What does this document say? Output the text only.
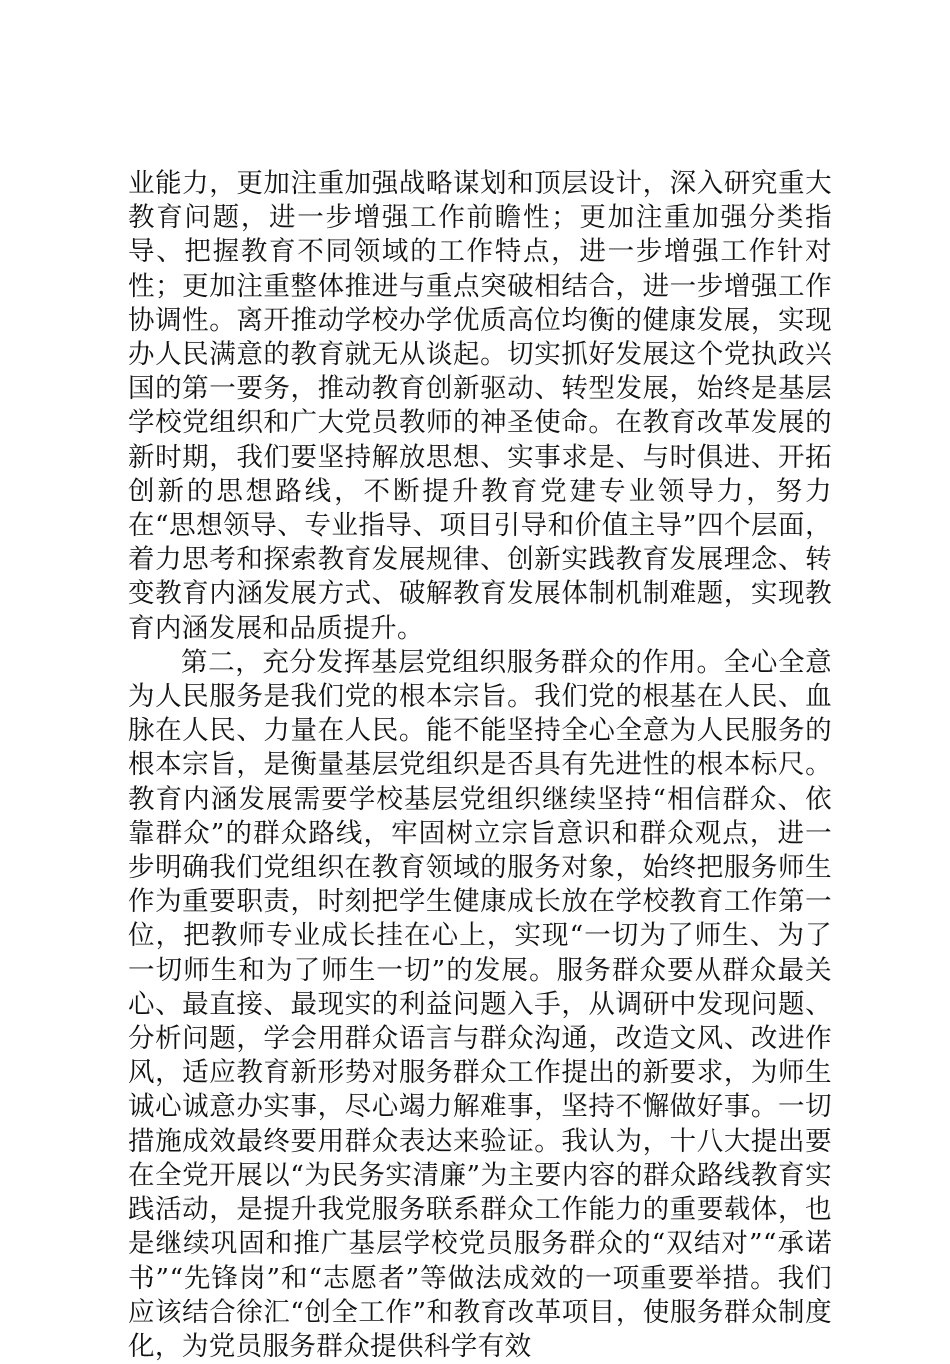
业能力，更加注重加强战略谋划和顶层设计，深入研究重大教育问题，进一步增强工作前瞻性；更加注重加强分类指导、把握教育不同领域的工作特点，进一步增强工作针对性；更加注重整体推进与重点突破相结合，进一步增强工作协调性。离开推动学校办学优质高位均衡的健康发展，实现办人民满意的教育就无从谈起。切实抓好发展这个党执政兴国的第一要务，推动教育创新驱动、转型发展，始终是基层学校党组织和广大党员教师的神圣使命。在教育改革发展的新时期，我们要坚持解放思想、实事求是、与时俱进、开拓创新的思想路线，不断提升教育党建专业领导力，努力在“思想领导、专业指导、项目引导和价值主导”四个层面，着力思考和探索教育发展规律、创新实践教育发展理念、转变教育内涵发展方式、破解教育发展体制机制难题，实现教育内涵发展和品质提升。

第二，充分发挥基层党组织服务群众的作用。全心全意为人民服务是我们党的根本宗旨。我们党的根基在人民、血脉在人民、力量在人民。能不能坚持全心全意为人民服务的根本宗旨，是衡量基层党组织是否具有先进性的根本标尺。教育内涵发展需要学校基层党组织继续坚持“相信群众、依靠群众”的群众路线，牢固树立宗旨意识和群众观点，进一步明确我们党组织在教育领域的服务对象，始终把服务师生作为重要职责，时刻把学生健康成长放在学校教育工作第一位，把教师专业成长挂在心上，实现“一切为了师生、为了一切师生和为了师生一切”的发展。服务群众要从群众最关心、最直接、最现实的利益问题入手，从调研中发现问题、分析问题，学会用群众语言与群众沟通，改造文风、改进作风，适应教育新形势对服务群众工作提出的新要求，为师生诚心诚意办实事，尽心竭力解难事，坚持不懈做好事。一切措施成效最终要用群众表达来验证。我认为，十八大提出要在全党开展以“为民务实清廉”为主要内容的群众路线教育实践活动，是提升我党服务联系群众工作能力的重要载体，也是继续巩固和推广基层学校党员服务群众的“双结对”“承诺书”“先锋岗”和“志愿者”等做法成效的一项重要举措。我们应该结合徐汇“创全工作”和教育改革项目，使服务群众制度化，为党员服务群众提供科学有效
